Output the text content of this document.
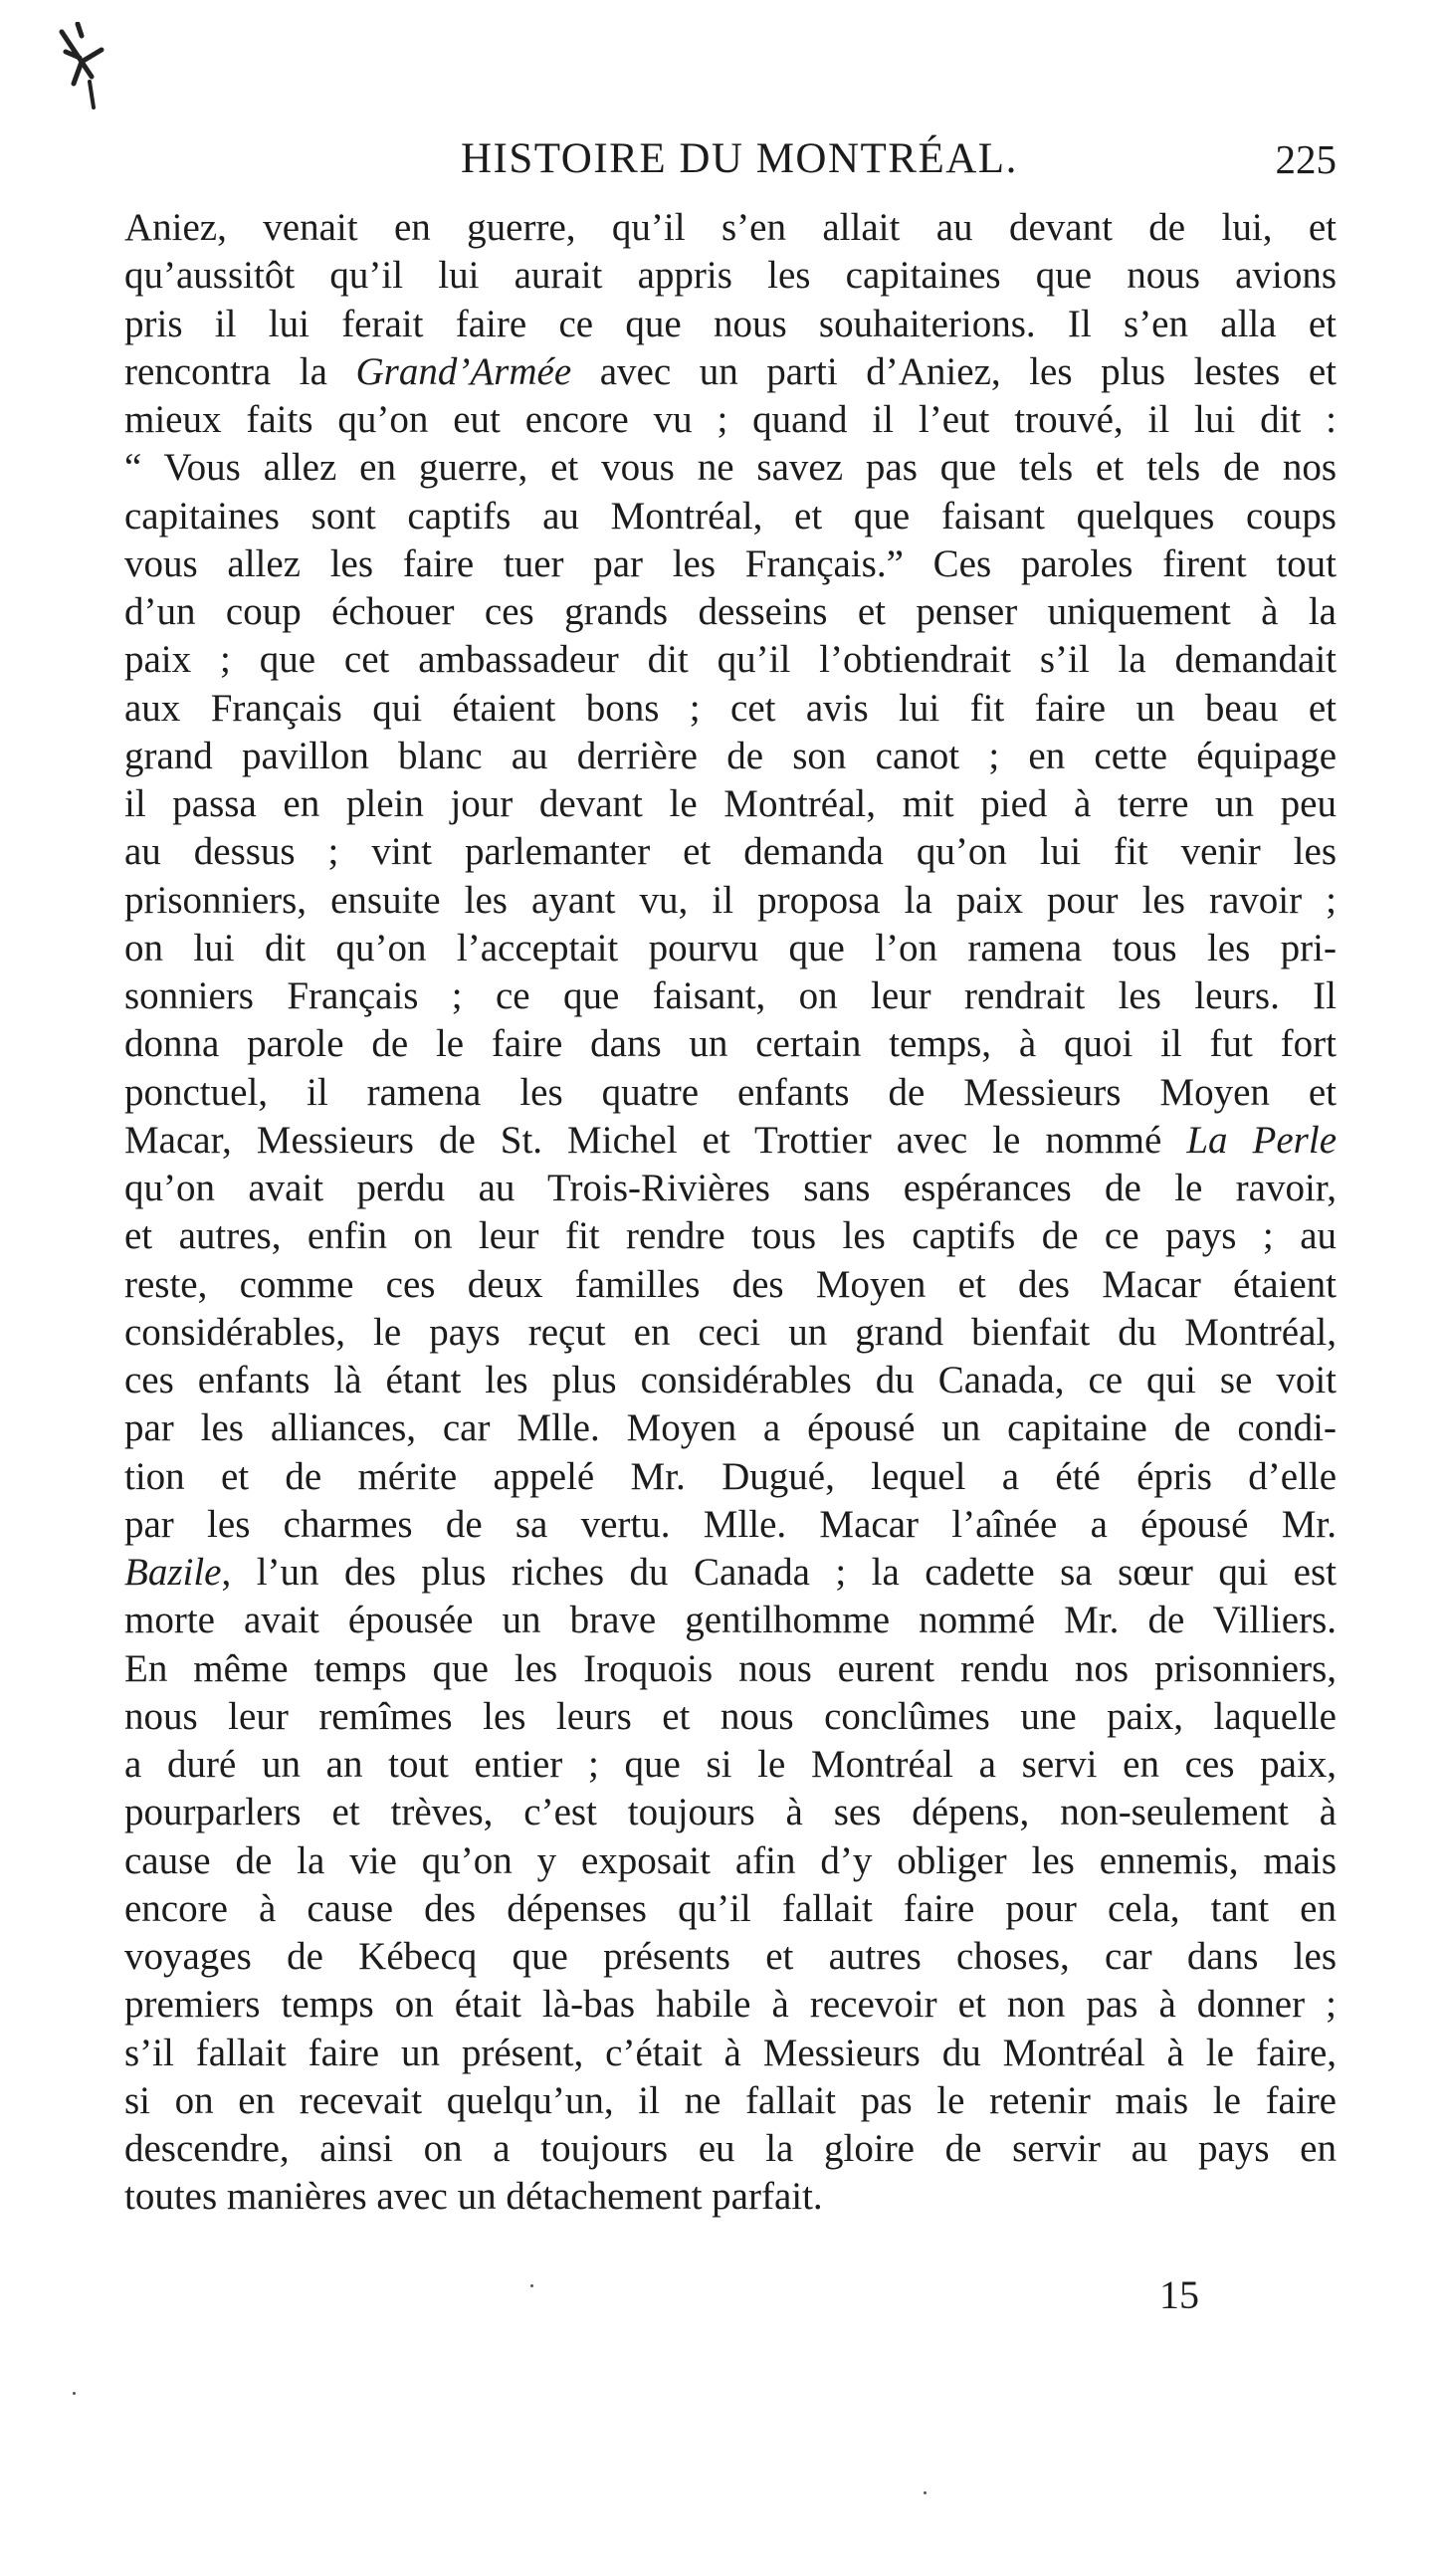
HISTOIRE DU MONTRÉAL.	225
Aniez, venait en guerre, qu’il s’en allait au devant de lui, et
qu’aussitôt qu’il lui aurait appris les capitaines que nous avions
pris il lui ferait faire ce que nous souhaiterions. Il s’en alla et
rencontra la Grand’Armée avec un parti d’Aniez, les plus lestes et
mieux faits qu’on eut encore vu ; quand il l’eut trouvé, il lui dit :
“ Vous allez en guerre, et vous ne savez pas que tels et tels de nos
capitaines sont captifs au Montréal, et que faisant quelques coups
vous allez les faire tuer par les Français.” Ces paroles firent tout
d’un coup échouer ces grands desseins et penser uniquement à la
paix ; que cet ambassadeur dit qu’il l’obtiendrait s’il la demandait
aux Français qui étaient bons ; cet avis lui fit faire un beau et
grand pavillon blanc au derrière de son canot ; en cette équipage
il passa en plein jour devant le Montréal, mit pied à terre un peu
au dessus ; vint parlemanter et demanda qu’on lui fit venir les
prisonniers, ensuite les ayant vu, il proposa la paix pour les ravoir ;
on lui dit qu’on l’acceptait pourvu que l’on ramena tous les pri-
sonniers Français ; ce que faisant, on leur rendrait les leurs. Il
donna parole de le faire dans un certain temps, à quoi il fut fort
ponctuel, il ramena les quatre enfants de Messieurs Moyen et
Macar, Messieurs de St. Michel et Trottier avec le nommé La Perle
qu’on avait perdu au Trois-Rivières sans espérances de le ravoir,
et autres, enfin on leur fit rendre tous les captifs de ce pays ; au
reste, comme ces deux familles des Moyen et des Macar étaient
considérables, le pays reçut en ceci un grand bienfait du Montréal,
ces enfants là étant les plus considérables du Canada, ce qui se voit
par les alliances, car Mlle. Moyen a épousé un capitaine de condi-
tion et de mérite appelé Mr. Dugué, lequel a été épris d’elle
par les charmes de sa vertu. Mlle. Macar l’aînée a épousé Mr.
Bazile, l’un des plus riches du Canada ; la cadette sa sœur qui est
morte avait épousée un brave gentilhomme nommé Mr. de Villiers.
En même temps que les Iroquois nous eurent rendu nos prisonniers,
nous leur remîmes les leurs et nous conclûmes une paix, laquelle
a duré un an tout entier ; que si le Montréal a servi en ces paix,
pourparlers et trèves, c’est toujours à ses dépens, non-seulement à
cause de la vie qu’on y exposait afin d’y obliger les ennemis, mais
encore à cause des dépenses qu’il fallait faire pour cela, tant en
voyages de Kébecq que présents et autres choses, car dans les
premiers temps on était là-bas habile à recevoir et non pas à donner ;
s’il fallait faire un présent, c’était à Messieurs du Montréal à le faire,
si on en recevait quelqu’un, il ne fallait pas le retenir mais le faire
descendre, ainsi on a toujours eu la gloire de servir au pays en
toutes manières avec un détachement parfait.
15
